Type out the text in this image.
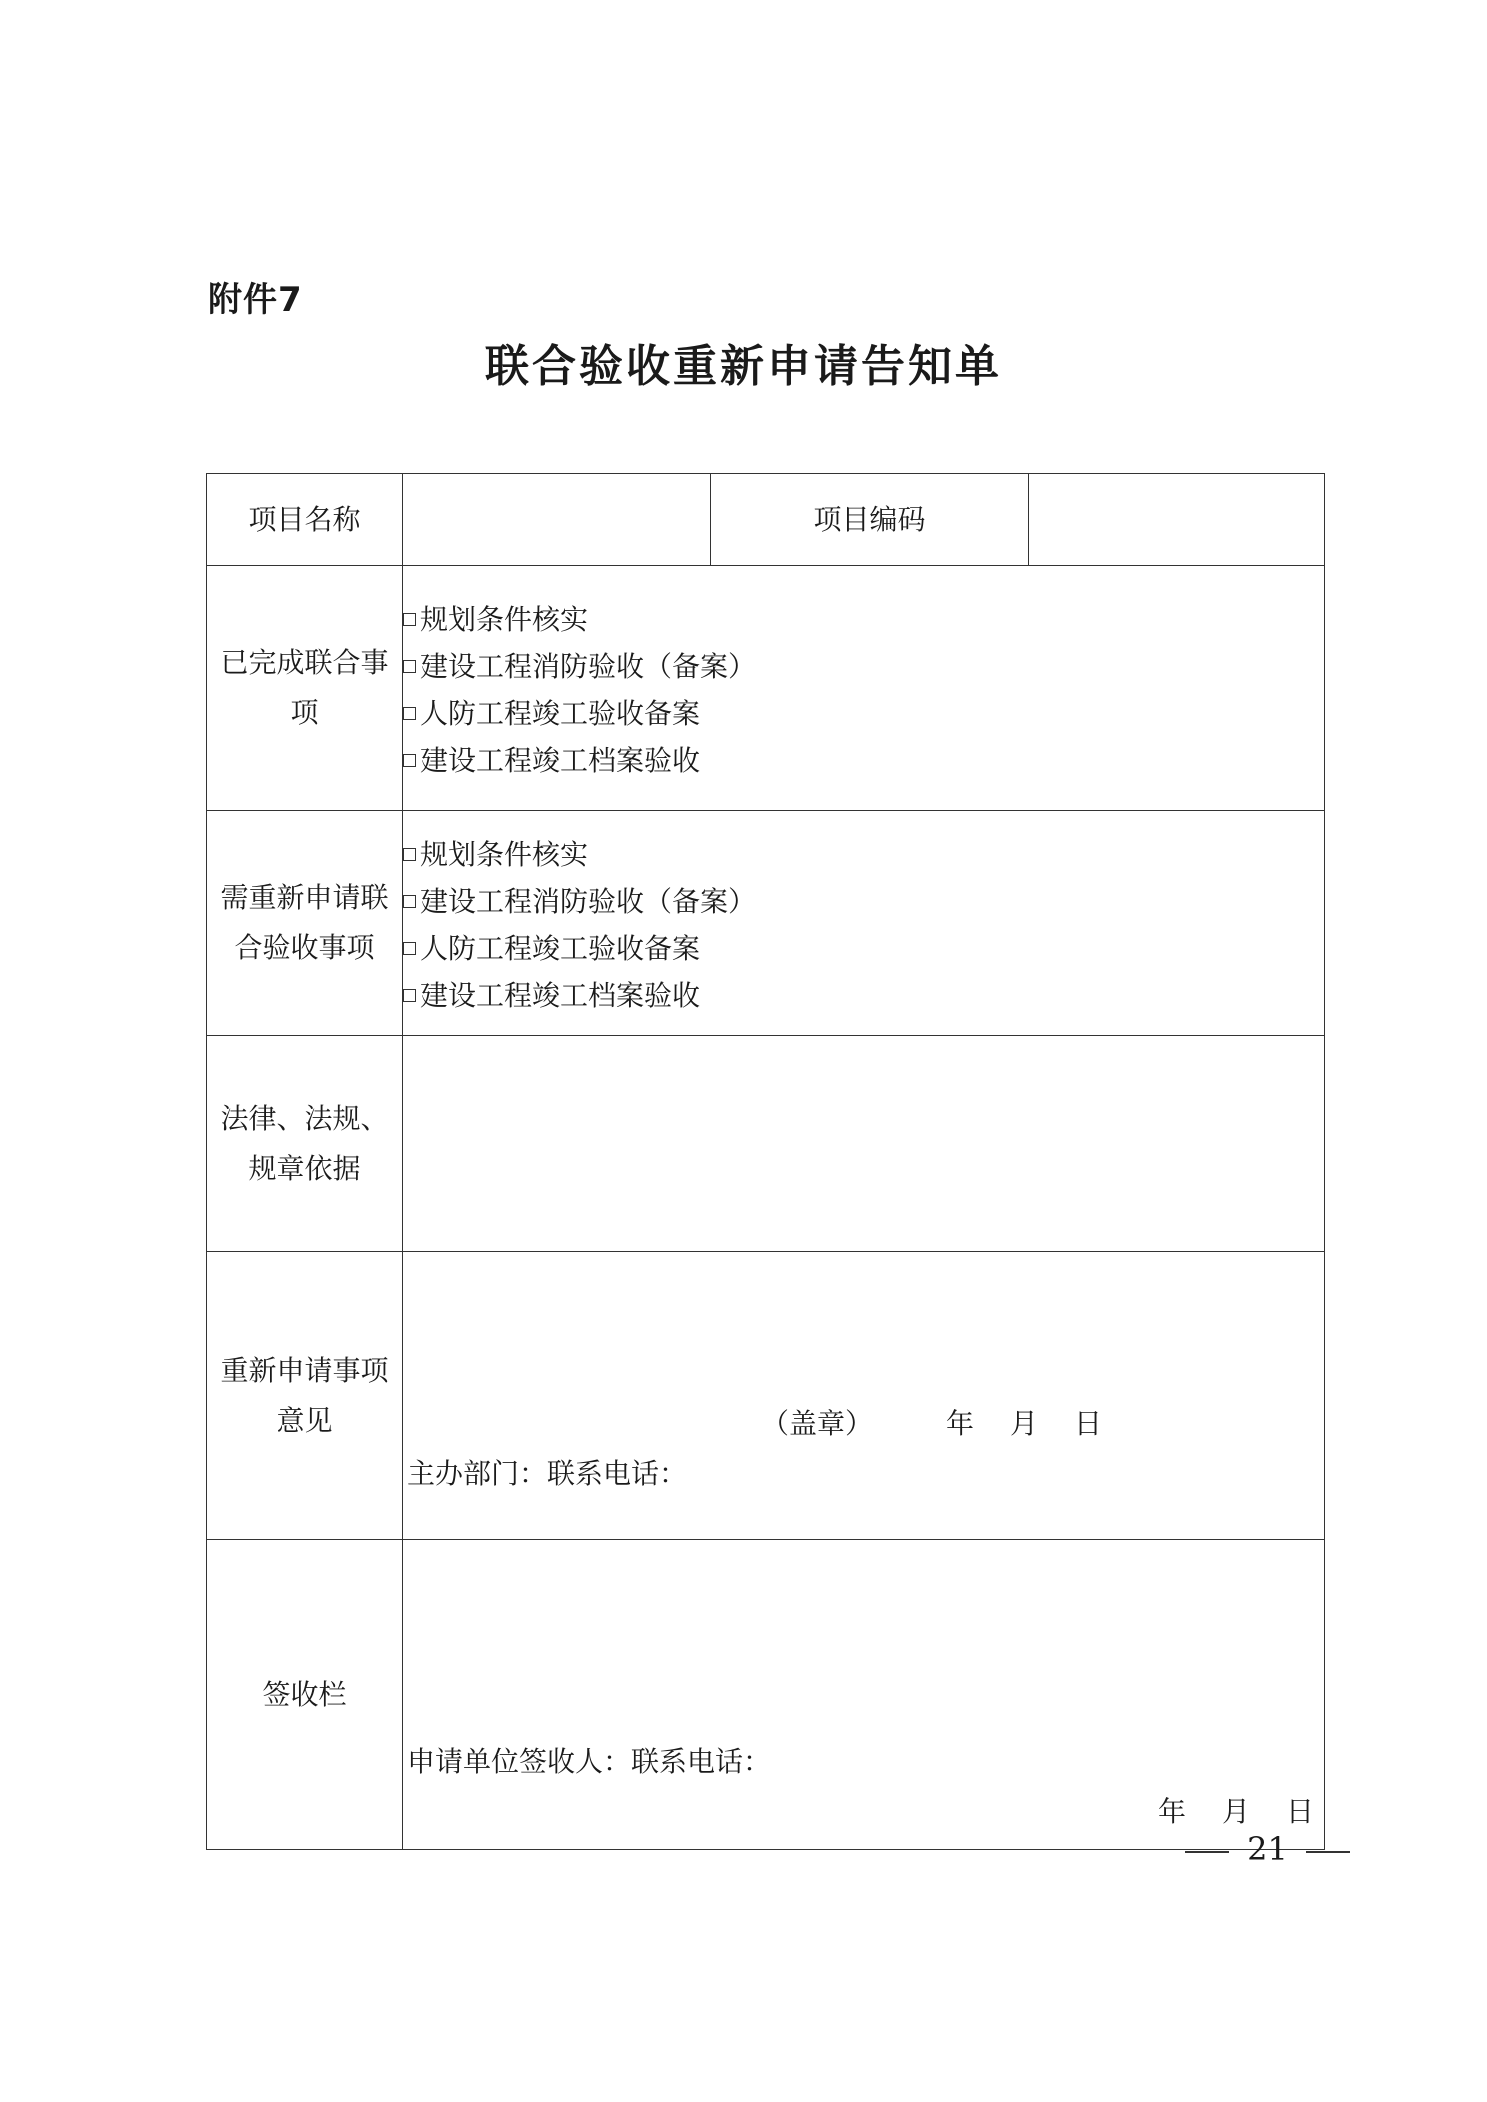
附件7
联合验收重新申请告知单
项目名称		项目编码	
已完成联合事项	规划条件核实
建设工程消防验收（备案）
人防工程竣工验收备案
建设工程竣工档案验收		

需重新申请联合验收事项	规划条件核实
建设工程消防验收（备案）
人防工程竣工验收备案
建设工程竣工档案验收		

法律、法规、规章依据			
重新申请事项意见	（盖章） 年　月　日
主办部门：联系电话：		

签收栏	申请单位签收人：联系电话：
年　月　日		
21
